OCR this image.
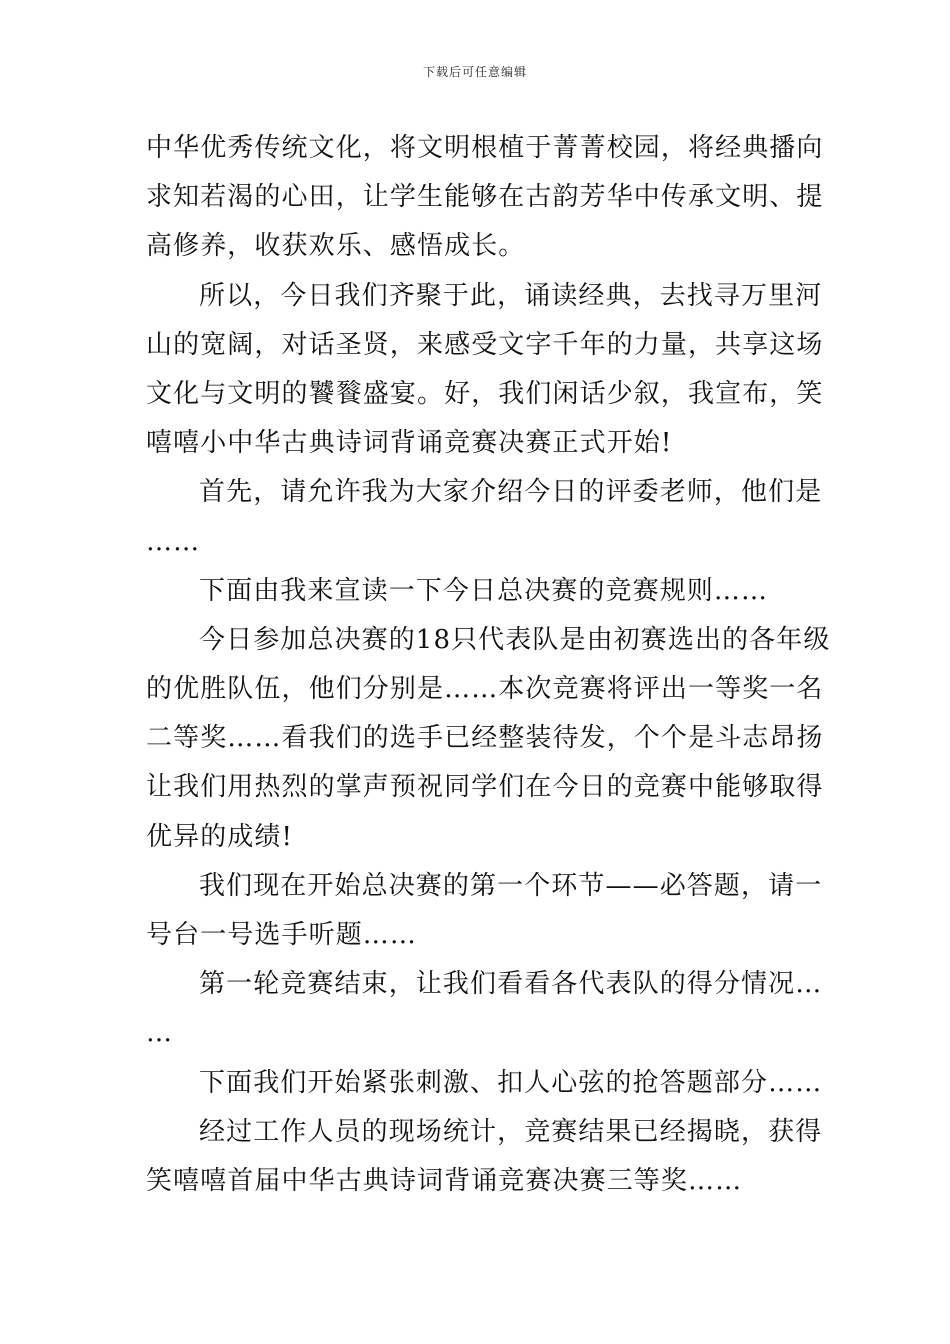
下载后可任意编辑

中华优秀传统文化，将文明根植于菁菁校园，将经典播向
求知若渴的心田，让学生能够在古韵芳华中传承文明、提
高修养，收获欢乐、感悟成长。

所以，今日我们齐聚于此，诵读经典，去找寻万里河
山的宽阔，对话圣贤，来感受文字千年的力量，共享这场
文化与文明的饕餮盛宴。好，我们闲话少叙，我宣布，笑
嘻嘻小中华古典诗词背诵竞赛决赛正式开始!

首先，请允许我为大家介绍今日的评委老师，他们是
……

下面由我来宣读一下今日总决赛的竞赛规则……

今日参加总决赛的18只代表队是由初赛选出的各年级
的优胜队伍，他们分别是……本次竞赛将评出一等奖一名
二等奖……看我们的选手已经整装待发，个个是斗志昂扬
让我们用热烈的掌声预祝同学们在今日的竞赛中能够取得
优异的成绩!

我们现在开始总决赛的第一个环节——必答题，请一
号台一号选手听题……

第一轮竞赛结束，让我们看看各代表队的得分情况…
…

下面我们开始紧张刺激、扣人心弦的抢答题部分……

经过工作人员的现场统计，竞赛结果已经揭晓，获得
笑嘻嘻首届中华古典诗词背诵竞赛决赛三等奖……
